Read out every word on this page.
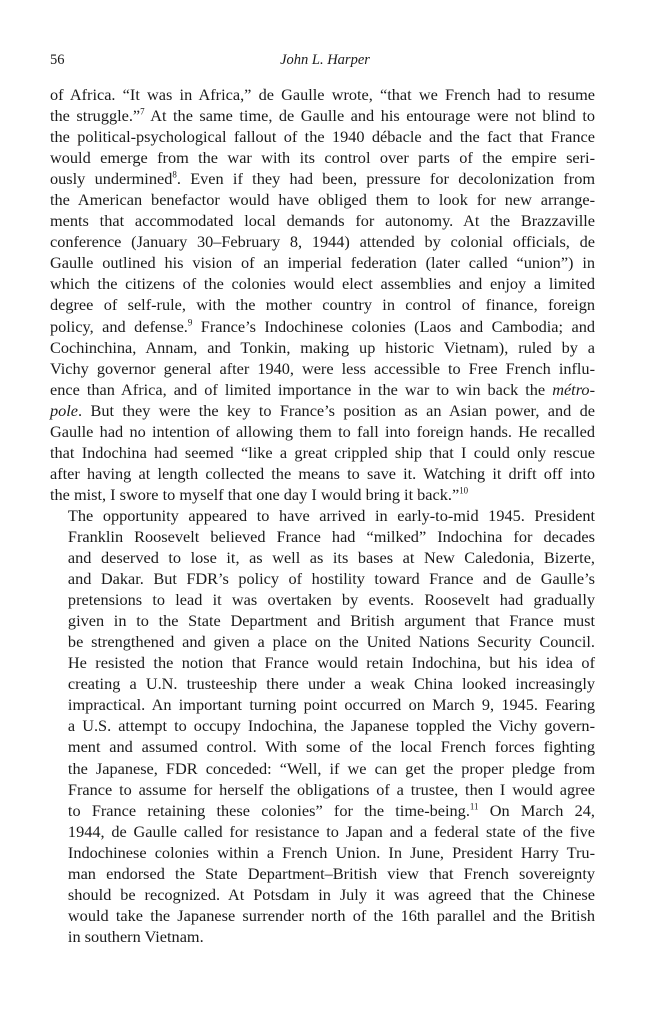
56	John L. Harper
of Africa. “It was in Africa,” de Gaulle wrote, “that we French had to resume
the struggle.”$^7$ At the same time, de Gaulle and his entourage were not blind to
the political-psychological fallout of the 1940 débacle and the fact that France
would emerge from the war with its control over parts of the empire seri-
ously undermined$^8$. Even if they had been, pressure for decolonization from
the American benefactor would have obliged them to look for new arrange-
ments that accommodated local demands for autonomy. At the Brazzaville
conference (January 30–February 8, 1944) attended by colonial officials, de
Gaulle outlined his vision of an imperial federation (later called “union”) in
which the citizens of the colonies would elect assemblies and enjoy a limited
degree of self-rule, with the mother country in control of finance, foreign
policy, and defense.$^9$ France’s Indochinese colonies (Laos and Cambodia; and
Cochinchina, Annam, and Tonkin, making up historic Vietnam), ruled by a
Vichy governor general after 1940, were less accessible to Free French influ-
ence than Africa, and of limited importance in the war to win back the métro-
pole. But they were the key to France’s position as an Asian power, and de
Gaulle had no intention of allowing them to fall into foreign hands. He recalled
that Indochina had seemed “like a great crippled ship that I could only rescue
after having at length collected the means to save it. Watching it drift off into
the mist, I swore to myself that one day I would bring it back.”$^{10}$
The opportunity appeared to have arrived in early-to-mid 1945. President
Franklin Roosevelt believed France had “milked” Indochina for decades
and deserved to lose it, as well as its bases at New Caledonia, Bizerte,
and Dakar. But FDR’s policy of hostility toward France and de Gaulle’s
pretensions to lead it was overtaken by events. Roosevelt had gradually
given in to the State Department and British argument that France must
be strengthened and given a place on the United Nations Security Council.
He resisted the notion that France would retain Indochina, but his idea of
creating a U.N. trusteeship there under a weak China looked increasingly
impractical. An important turning point occurred on March 9, 1945. Fearing
a U.S. attempt to occupy Indochina, the Japanese toppled the Vichy govern-
ment and assumed control. With some of the local French forces fighting
the Japanese, FDR conceded: “Well, if we can get the proper pledge from
France to assume for herself the obligations of a trustee, then I would agree
to France retaining these colonies” for the time-being.$^{11}$ On March 24,
1944, de Gaulle called for resistance to Japan and a federal state of the five
Indochinese colonies within a French Union. In June, President Harry Tru-
man endorsed the State Department–British view that French sovereignty
should be recognized. At Potsdam in July it was agreed that the Chinese
would take the Japanese surrender north of the 16th parallel and the British
in southern Vietnam.
